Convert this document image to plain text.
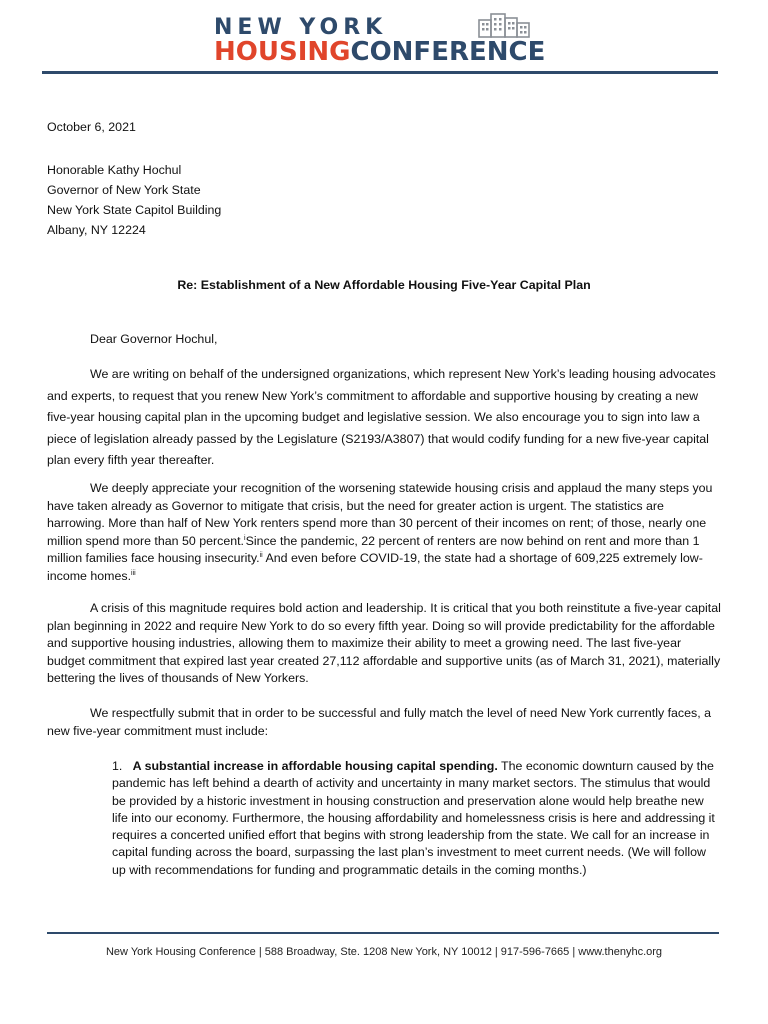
NEW YORK
HOUSINGCONFERENCE
October 6, 2021
Honorable Kathy Hochul
Governor of New York State
New York State Capitol Building
Albany, NY 12224
Re: Establishment of a New Affordable Housing Five-Year Capital Plan
Dear Governor Hochul,

We are writing on behalf of the undersigned organizations, which represent New York’s leading housing advocates and experts, to request that you renew New York’s commitment to affordable and supportive housing by creating a new five-year housing capital plan in the upcoming budget and legislative session. We also encourage you to sign into law a piece of legislation already passed by the Legislature (S2193/A3807) that would codify funding for a new five-year capital plan every fifth year thereafter.

We deeply appreciate your recognition of the worsening statewide housing crisis and applaud the many steps you have taken already as Governor to mitigate that crisis, but the need for greater action is urgent. The statistics are harrowing. More than half of New York renters spend more than 30 percent of their incomes on rent; of those, nearly one million spend more than 50 percent.$^i$Since the pandemic, 22 percent of renters are now behind on rent and more than 1 million families face housing insecurity.$^{ii}$ And even before COVID-19, the state had a shortage of 609,225 extremely low-income homes.$^{iii}$

A crisis of this magnitude requires bold action and leadership. It is critical that you both reinstitute a five-year capital plan beginning in 2022 and require New York to do so every fifth year. Doing so will provide predictability for the affordable and supportive housing industries, allowing them to maximize their ability to meet a growing need. The last five-year budget commitment that expired last year created 27,112 affordable and supportive units (as of March 31, 2021), materially bettering the lives of thousands of New Yorkers.

We respectfully submit that in order to be successful and fully match the level of need New York currently faces, a new five-year commitment must include:

1. A substantial increase in affordable housing capital spending. The economic downturn caused by the pandemic has left behind a dearth of activity and uncertainty in many market sectors. The stimulus that would be provided by a historic investment in housing construction and preservation alone would help breathe new life into our economy. Furthermore, the housing affordability and homelessness crisis is here and addressing it requires a concerted unified effort that begins with strong leadership from the state. We call for an increase in capital funding across the board, surpassing the last plan’s investment to meet current needs. (We will follow up with recommendations for funding and programmatic details in the coming months.)
New York Housing Conference | 588 Broadway, Ste. 1208 New York, NY 10012 | 917-596-7665 | www.thenyhc.org
